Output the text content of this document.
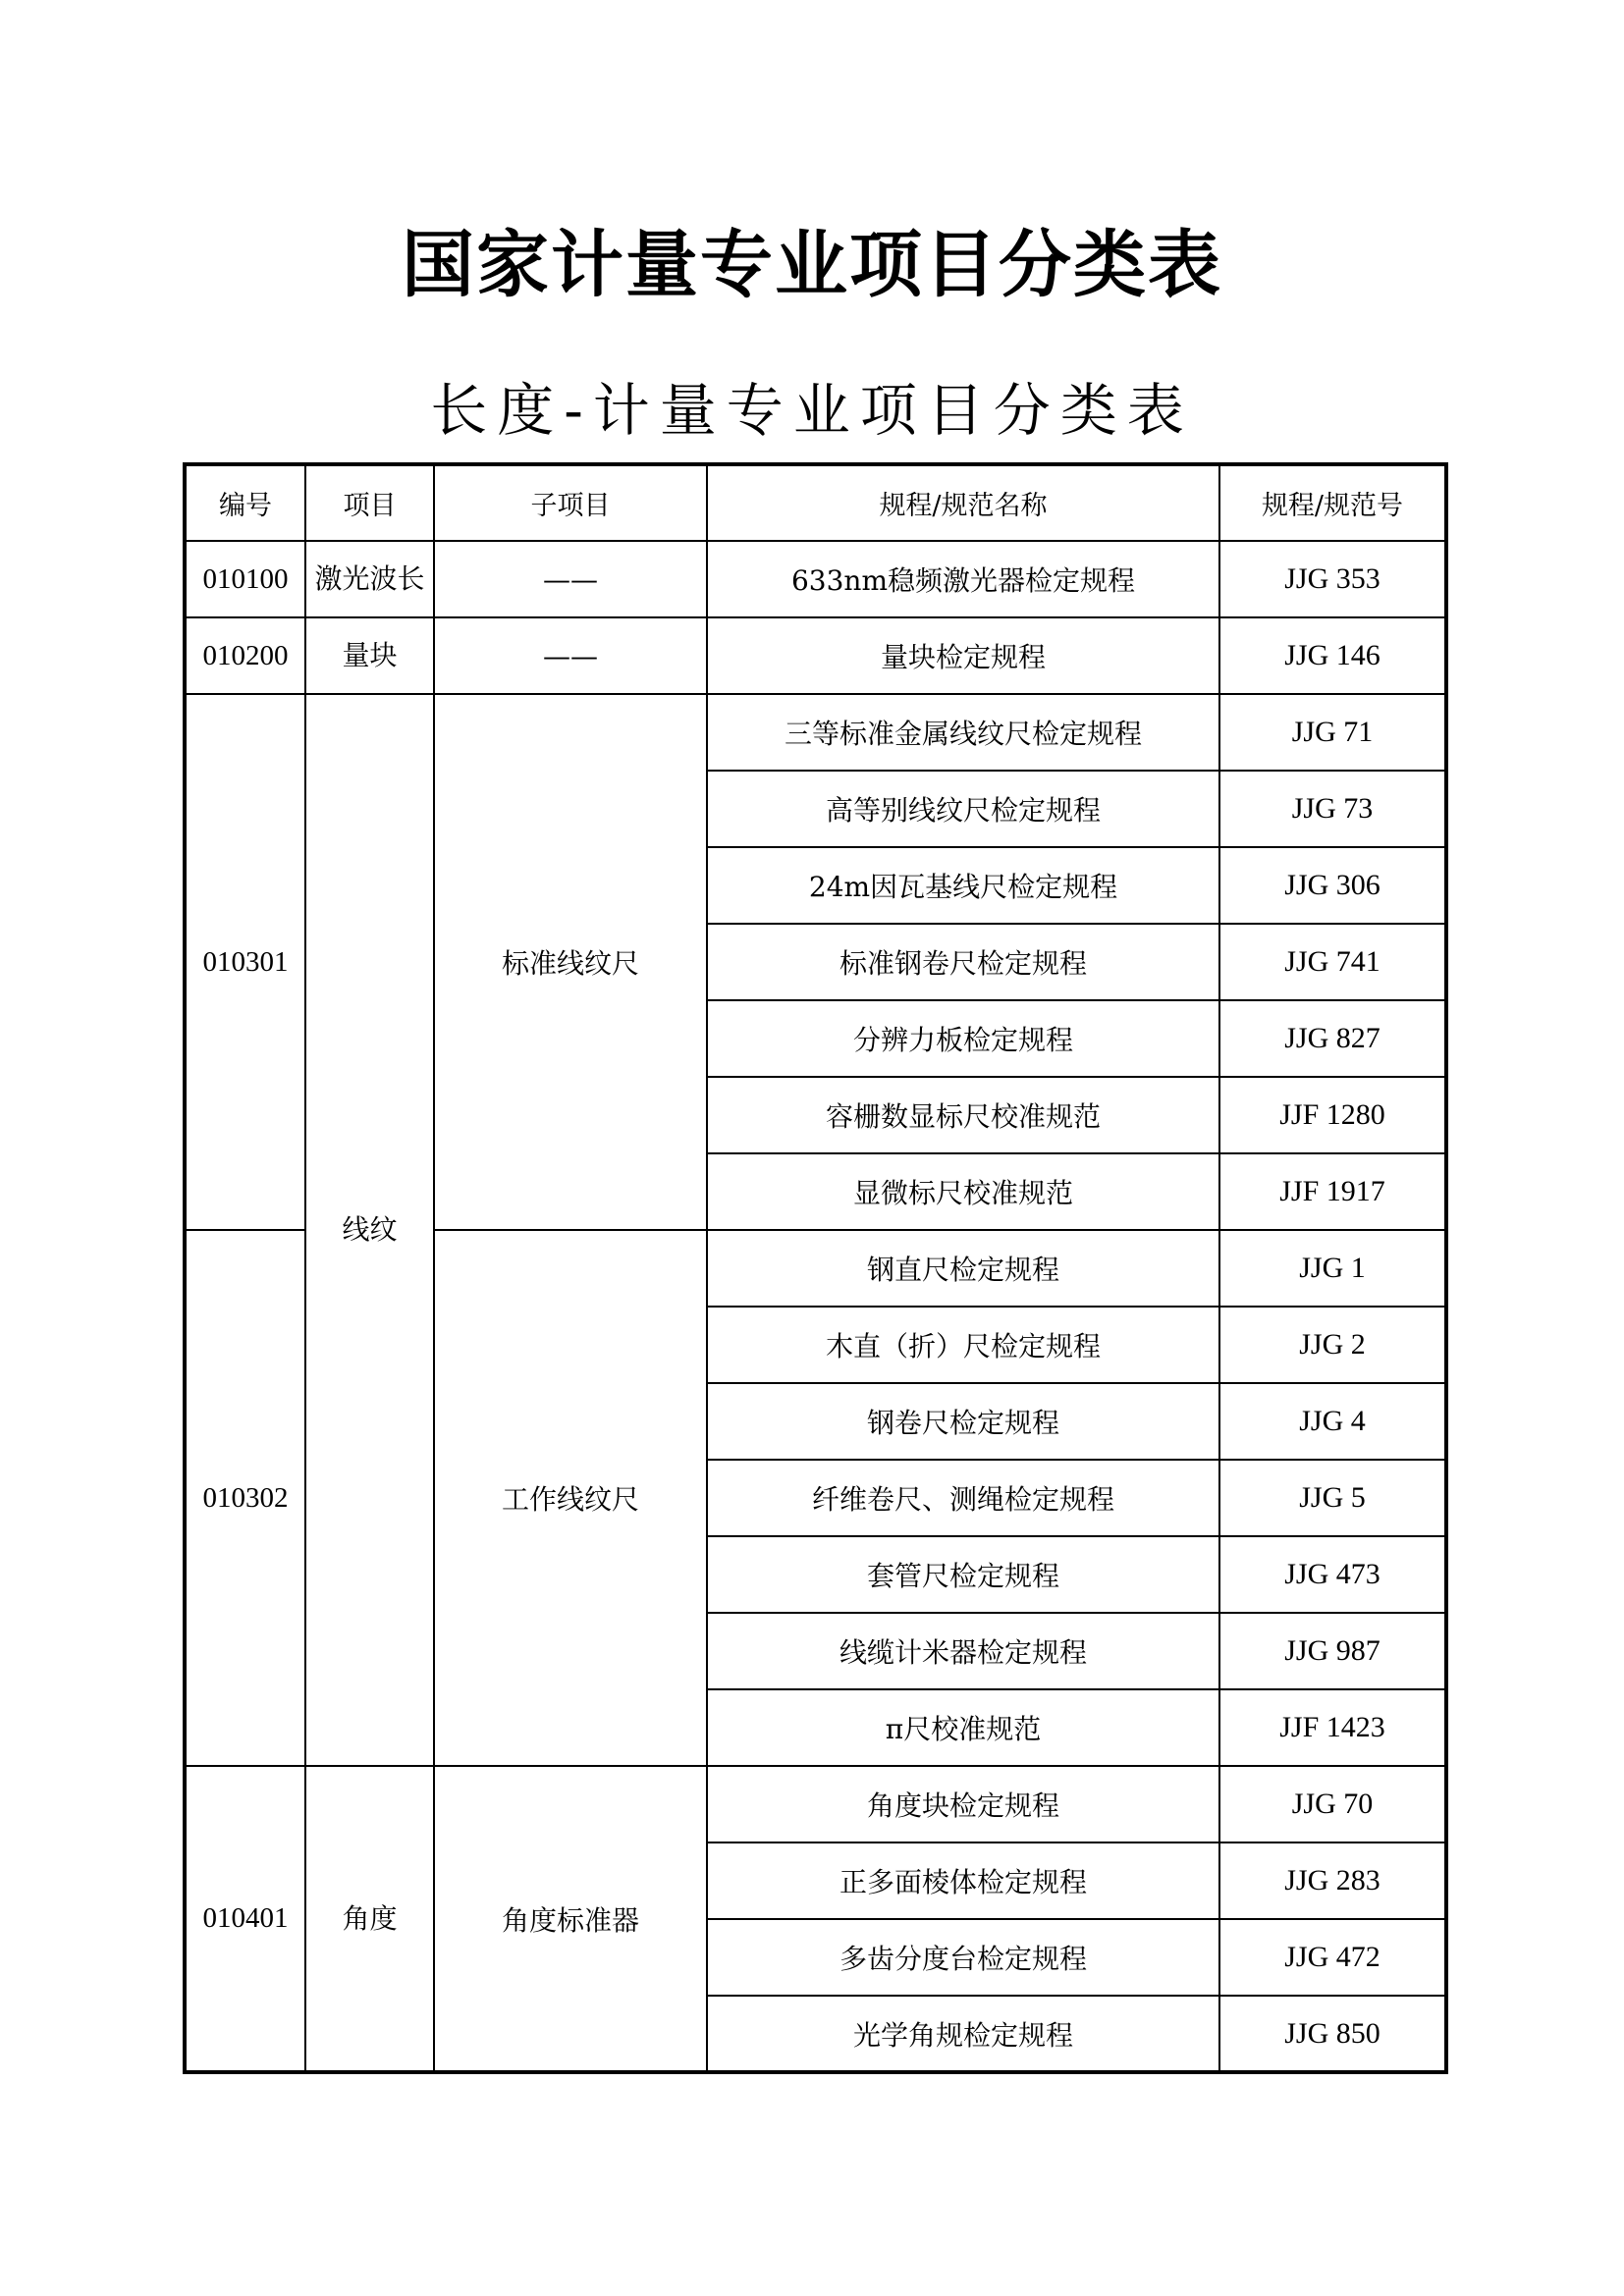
国家计量专业项目分类表
长度-计量专业项目分类表
编号	项目	子项目	规程/规范名称	规程/规范号
010100	激光波长	——	633nm稳频激光器检定规程	JJG 353
010200	量块	——	量块检定规程	JJG 146
010301	线纹	标准线纹尺	三等标准金属线纹尺检定规程	JJG 71
			高等别线纹尺检定规程	JJG 73
			24m因瓦基线尺检定规程	JJG 306
			标准钢卷尺检定规程	JJG 741
			分辨力板检定规程	JJG 827
			容栅数显标尺校准规范	JJF 1280
			显微标尺校准规范	JJF 1917
010302		工作线纹尺	钢直尺检定规程	JJG 1
			木直（折）尺检定规程	JJG 2
			钢卷尺检定规程	JJG 4
			纤维卷尺、测绳检定规程	JJG 5
			套管尺检定规程	JJG 473
			线缆计米器检定规程	JJG 987
			π尺校准规范	JJF 1423
010401	角度	角度标准器	角度块检定规程	JJG 70
			正多面棱体检定规程	JJG 283
			多齿分度台检定规程	JJG 472
			光学角规检定规程	JJG 850
